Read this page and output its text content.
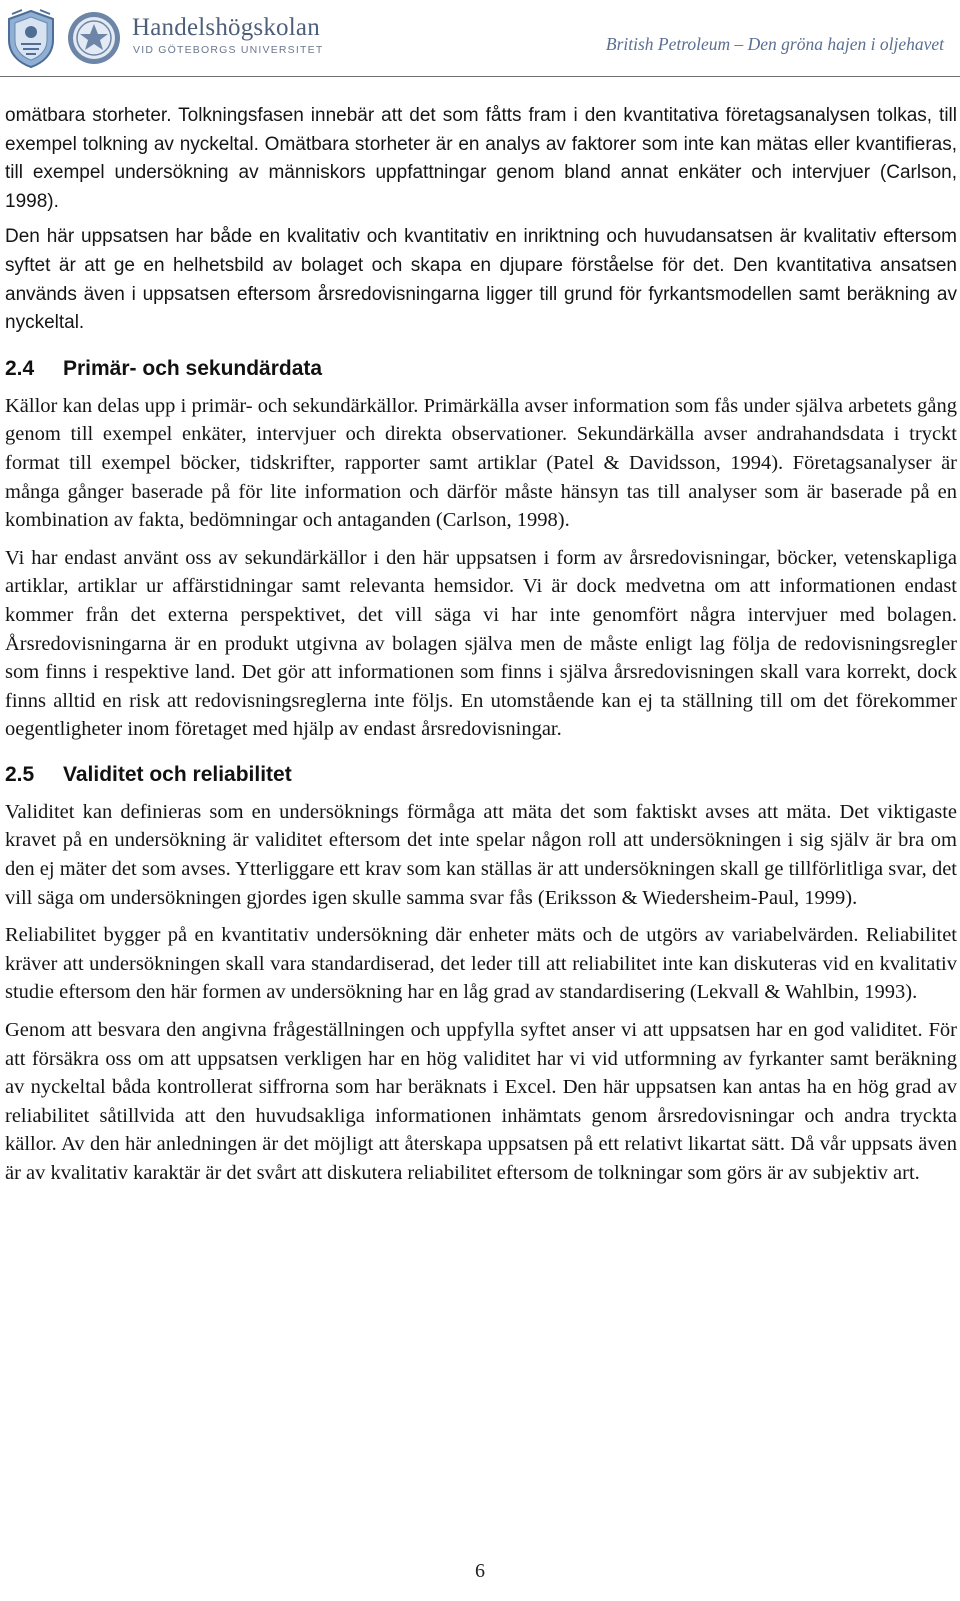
Handelshögskolan
VID GÖTEBORGS UNIVERSITET	British Petroleum – Den gröna hajen i oljehavet

omätbara storheter. Tolkningsfasen innebär att det som fåtts fram i den kvantitativa företagsanalysen tolkas, till exempel tolkning av nyckeltal. Omätbara storheter är en analys av faktorer som inte kan mätas eller kvantifieras, till exempel undersökning av människors uppfattningar genom bland annat enkäter och intervjuer (Carlson, 1998).

Den här uppsatsen har både en kvalitativ och kvantitativ en inriktning och huvudansatsen är kvalitativ eftersom syftet är att ge en helhetsbild av bolaget och skapa en djupare förståelse för det. Den kvantitativa ansatsen används även i uppsatsen eftersom årsredovisningarna ligger till grund för fyrkantsmodellen samt beräkning av nyckeltal.

2.4 Primär- och sekundärdata

Källor kan delas upp i primär- och sekundärkällor. Primärkälla avser information som fås under själva arbetets gång genom till exempel enkäter, intervjuer och direkta observationer. Sekundärkälla avser andrahandsdata i tryckt format till exempel böcker, tidskrifter, rapporter samt artiklar (Patel & Davidsson, 1994). Företagsanalyser är många gånger baserade på för lite information och därför måste hänsyn tas till analyser som är baserade på en kombination av fakta, bedömningar och antaganden (Carlson, 1998).

Vi har endast använt oss av sekundärkällor i den här uppsatsen i form av årsredovisningar, böcker, vetenskapliga artiklar, artiklar ur affärstidningar samt relevanta hemsidor. Vi är dock medvetna om att informationen endast kommer från det externa perspektivet, det vill säga vi har inte genomfört några intervjuer med bolagen. Årsredovisningarna är en produkt utgivna av bolagen själva men de måste enligt lag följa de redovisningsregler som finns i respektive land. Det gör att informationen som finns i själva årsredovisningen skall vara korrekt, dock finns alltid en risk att redovisningsreglerna inte följs. En utomstående kan ej ta ställning till om det förekommer oegentligheter inom företaget med hjälp av endast årsredovisningar.

2.5 Validitet och reliabilitet

Validitet kan definieras som en undersöknings förmåga att mäta det som faktiskt avses att mäta. Det viktigaste kravet på en undersökning är validitet eftersom det inte spelar någon roll att undersökningen i sig själv är bra om den ej mäter det som avses. Ytterliggare ett krav som kan ställas är att undersökningen skall ge tillförlitliga svar, det vill säga om undersökningen gjordes igen skulle samma svar fås (Eriksson & Wiedersheim-Paul, 1999).

Reliabilitet bygger på en kvantitativ undersökning där enheter mäts och de utgörs av variabelvärden. Reliabilitet kräver att undersökningen skall vara standardiserad, det leder till att reliabilitet inte kan diskuteras vid en kvalitativ studie eftersom den här formen av undersökning har en låg grad av standardisering (Lekvall & Wahlbin, 1993).

Genom att besvara den angivna frågeställningen och uppfylla syftet anser vi att uppsatsen har en god validitet. För att försäkra oss om att uppsatsen verkligen har en hög validitet har vi vid utformning av fyrkanter samt beräkning av nyckeltal båda kontrollerat siffrorna som har beräknats i Excel. Den här uppsatsen kan antas ha en hög grad av reliabilitet såtillvida att den huvudsakliga informationen inhämtats genom årsredovisningar och andra tryckta källor. Av den här anledningen är det möjligt att återskapa uppsatsen på ett relativt likartat sätt. Då vår uppsats även är av kvalitativ karaktär är det svårt att diskutera reliabilitet eftersom de tolkningar som görs är av subjektiv art.

6
